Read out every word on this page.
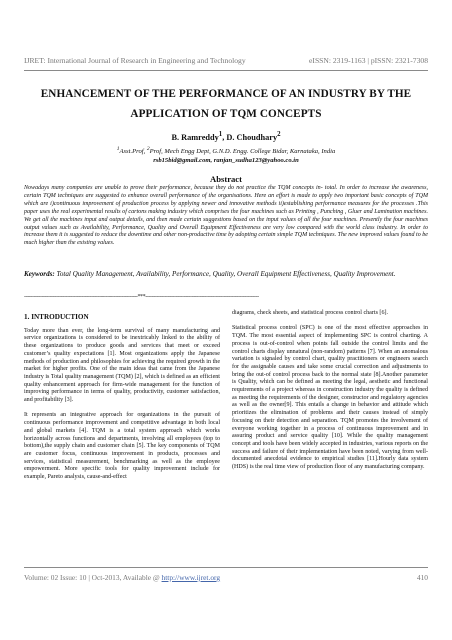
IJRET: International Journal of Research in Engineering and Technology	eISSN: 2319-1163 | pISSN: 2321-7308
ENHANCEMENT OF THE PERFORMANCE OF AN INDUSTRY BY THE
APPLICATION OF TQM CONCEPTS
B. Ramreddy$^1$, D. Choudhary$^2$
$^1$Asst.Prof, $^2$Prof, Mech Engg Dept, G.N.D. Engg. College Bidar, Karnataka, India
rsb15bid@gmail.com, ranjan_sudha123@yahoo.co.in
Abstract
Nowadays many companies are unable to prove their performance, because they do not practice the TQM concepts in- total. In order to increase the awareness, certain TQM techniques are suggested to enhance overall performance of the organisations. Here an effort is made to apply two important basic concepts of TQM which are i)continuous improvement of production process by applying newer and innovative methods ii)establishing performance measures for the processes .This paper uses the real experimental results of cartons making industry which comprises the four machines such as Printing , Punching , Gluer and Lamination machines. We get all the machines input and output details, and then made certain suggestions based on the input values of all the four machines. Presently the four machines output values such as Availability, Performance, Quality and Overall Equipment Effectiveness are very low compared with the world class industry. In order to increase them it is suggested to reduce the downtime and other non-productive time by adopting certain simple TQM techniques. The new improved values found to be much higher than the existing values.
Keywords: Total Quality Management, Availability, Performance, Quality, Overall Equipment Effectiveness, Quality Improvement.
-----------------------------------------------------------------------***-----------------------------------------------------------------------
1. INTRODUCTION

Today more than ever, the long-term survival of many manufacturing and service organizations is considered to be inextricably linked to the ability of these organizations to produce goods and services that meet or exceed customer’s quality expectations [1]. Most organizations apply the Japanese methods of production and philosophies for achieving the required growth in the market for higher profits. One of the main ideas that came from the Japanese industry is Total quality management (TQM) [2], which is defined as an efficient quality enhancement approach for firm-wide management for the function of improving performance in terms of quality, productivity, customer satisfaction, and profitability [3].

It represents an integrative approach for organizations in the pursuit of continuous performance improvement and competitive advantage in both local and global markets [4]. TQM is a total system approach which works horizontally across functions and departments, involving all employees (top to bottom),the supply chain and customer chain [5]. The key components of TQM are customer focus, continuous improvement in products, processes and services, statistical measurement, benchmarking as well as the employee empowerment. More specific tools for quality improvement include for example, Pareto analysis, cause-and-effect

diagrams, check sheets, and statistical process control charts [6].

Statistical process control (SPC) is one of the most effective approaches in TQM. The most essential aspect of implementing SPC is control charting. A process is out-of-control when points fall outside the control limits and the control charts display unnatural (non-random) patterns [7]. When an anomalous variation is signaled by control chart, quality practitioners or engineers search for the assignable causes and take some crucial correction and adjustments to bring the out-of control process back to the normal state [8].Another parameter is Quality, which can be defined as meeting the legal, aesthetic and functional requirements of a project whereas in construction industry the quality is defined as meeting the requirements of the designer, constructor and regulatory agencies as well as the owner[9]. This entails a change in behavior and attitude which prioritizes the elimination of problems and their causes instead of simply focusing on their detection and separation. TQM promotes the involvement of everyone working together in a process of continuous improvement and in assuring product and service quality [10]. While the quality management concept and tools have been widely accepted in industries, various reports on the success and failure of their implementation have been noted, varying from well-documented anecdotal evidence to empirical studies [11].Hourly data system (HDS) is the real time view of production floor of any manufacturing company.

Volume: 02 Issue: 10 | Oct-2013, Available @ http://www.ijret.org	410
